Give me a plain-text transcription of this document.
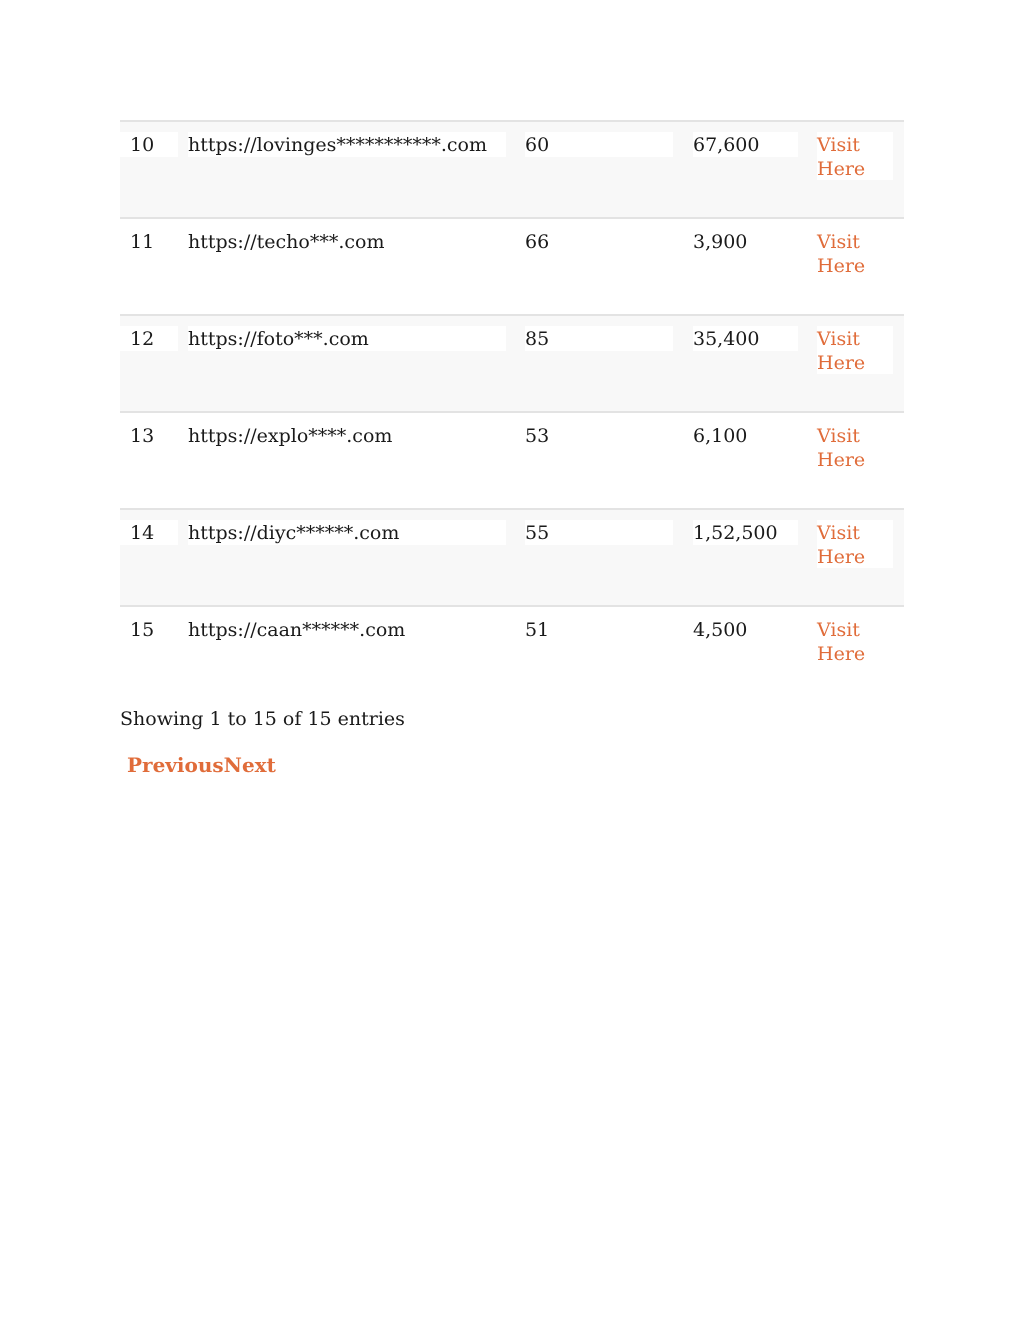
10	https://lovinges***********.com	60	67,600	Visit Here
11	https://techo***.com	66	3,900	Visit Here
12	https://foto***.com	85	35,400	Visit Here
13	https://explo****.com	53	6,100	Visit Here
14	https://diyc******.com	55	1,52,500	Visit Here
15	https://caan******.com	51	4,500	Visit Here
Showing 1 to 15 of 15 entries
PreviousNext
